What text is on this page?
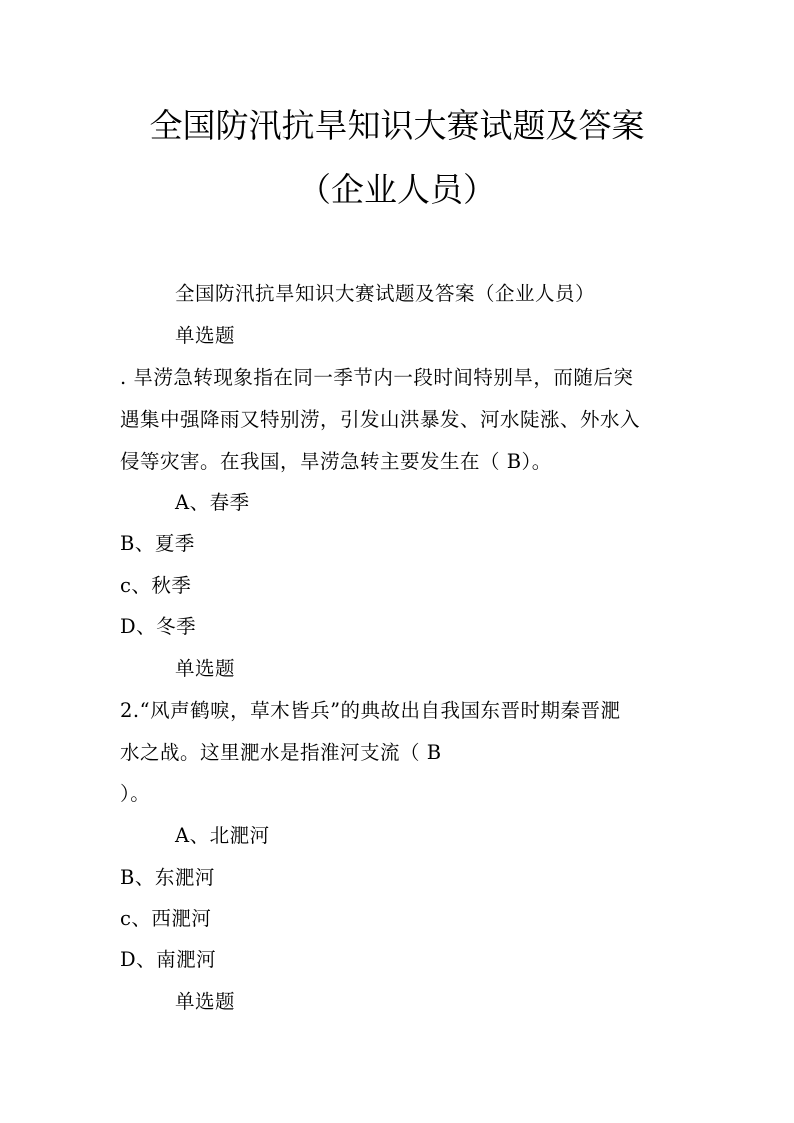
全国防汛抗旱知识大赛试题及答案
（企业人员）
全国防汛抗旱知识大赛试题及答案（企业人员）
单选题
. 旱涝急转现象指在同一季节内一段时间特别旱，而随后突
遇集中强降雨又特别涝，引发山洪暴发、河水陡涨、外水入
侵等灾害。在我国，旱涝急转主要发生在（ B）。
A、春季
B、夏季
c、秋季
D、冬季
单选题
2.“风声鹤唳，草木皆兵”的典故出自我国东晋时期秦晋淝
水之战。这里淝水是指淮河支流（ B
）。
A、北淝河
B、东淝河
c、西淝河
D、南淝河
单选题
